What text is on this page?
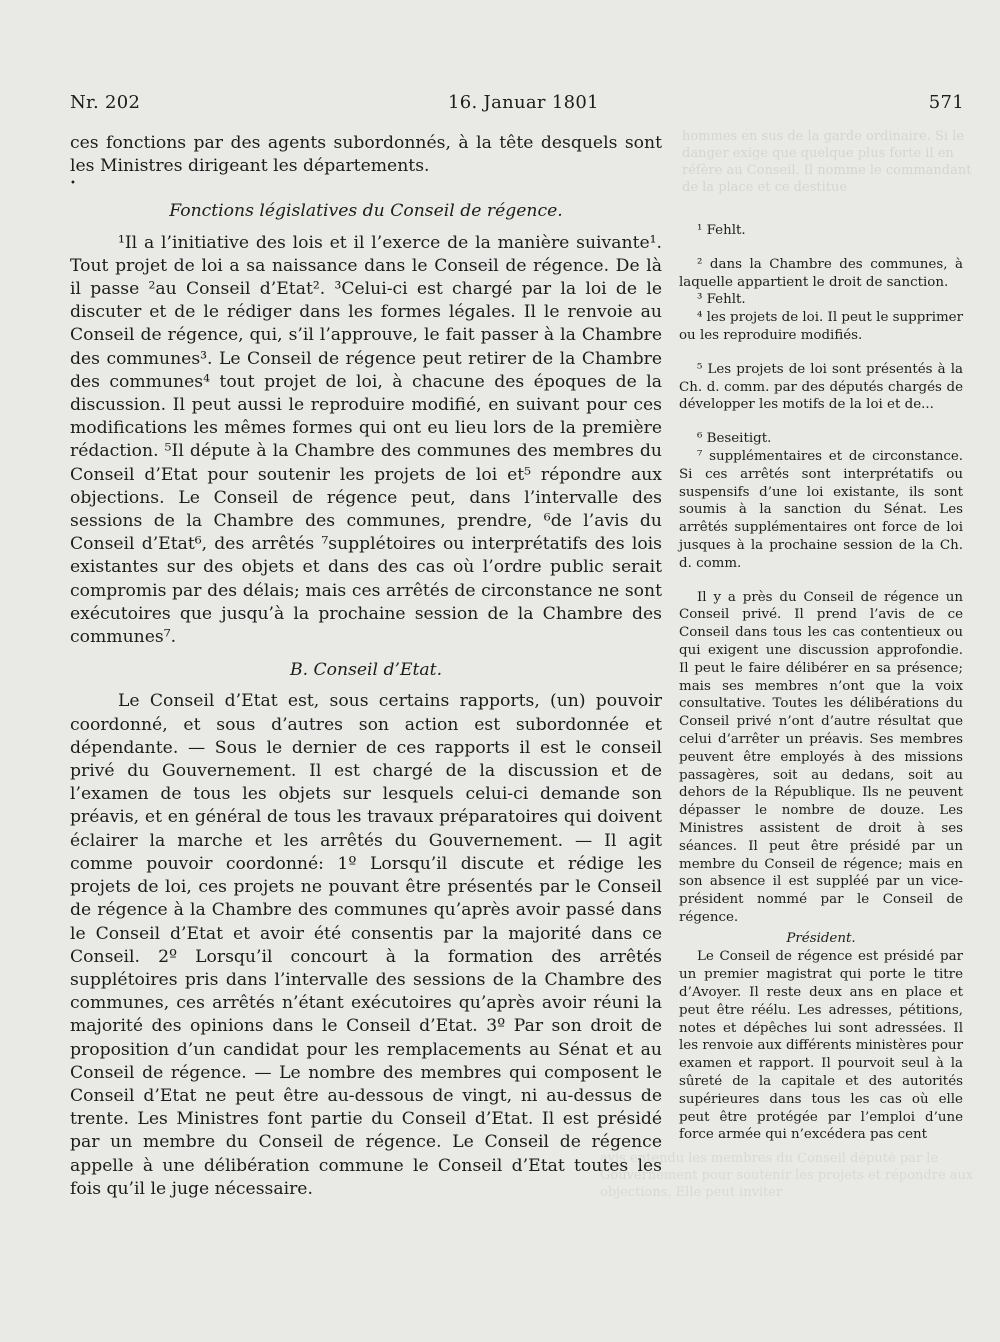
hommes en sus de la garde ordinaire. Si le danger exige que quelque plus forte il en réfère au Conseil. Il nomme le commandant de la place et ce destitue
avis entendu les membres du Conseil député par le Gouvernement pour soutenir les projets et répondre aux objections. Elle peut inviter
Nr. 202	16. Januar 1801	571

ces fonctions par des agents subordonnés, à la tête desquels sont les Ministres dirigeant les départements.

•

Fonctions législatives du Conseil de régence.

¹Il a l’initiative des lois et il l’exerce de la manière suivante¹. Tout projet de loi a sa naissance dans le Conseil de régence. De là il passe ²au Conseil d’Etat². ³Celui-ci est chargé par la loi de le discuter et de le rédiger dans les formes légales. Il le renvoie au Conseil de régence, qui, s’il l’approuve, le fait passer à la Chambre des communes³. Le Conseil de régence peut retirer de la Chambre des communes⁴ tout projet de loi, à chacune des époques de la discussion. Il peut aussi le reproduire modifié, en suivant pour ces modifications les mêmes formes qui ont eu lieu lors de la première rédaction. ⁵Il députe à la Chambre des communes des membres du Conseil d’Etat pour soutenir les projets de loi et⁵ répondre aux objections. Le Conseil de régence peut, dans l’intervalle des sessions de la Chambre des communes, prendre, ⁶de l’avis du Conseil d’Etat⁶, des arrêtés ⁷supplétoires ou interprétatifs des lois existantes sur des objets et dans des cas où l’ordre public serait compromis par des délais; mais ces arrêtés de circonstance ne sont exécutoires que jusqu’à la prochaine session de la Chambre des communes⁷.

B. Conseil d’Etat.

Le Conseil d’Etat est, sous certains rapports, (un) pouvoir coordonné, et sous d’autres son action est subordonnée et dépendante. — Sous le dernier de ces rapports il est le conseil privé du Gouvernement. Il est chargé de la discussion et de l’examen de tous les objets sur lesquels celui-ci demande son préavis, et en général de tous les travaux préparatoires qui doivent éclairer la marche et les arrêtés du Gouvernement. — Il agit comme pouvoir coordonné: 1º Lorsqu’il discute et rédige les projets de loi, ces projets ne pouvant être présentés par le Conseil de régence à la Chambre des communes qu’après avoir passé dans le Conseil d’Etat et avoir été consentis par la majorité dans ce Conseil. 2º Lorsqu’il concourt à la formation des arrêtés supplétoires pris dans l’intervalle des sessions de la Chambre des communes, ces arrêtés n’étant exécutoires qu’après avoir réuni la majorité des opinions dans le Conseil d’Etat. 3º Par son droit de proposition d’un candidat pour les remplacements au Sénat et au Conseil de régence. — Le nombre des membres qui composent le Conseil d’Etat ne peut être au-dessous de vingt, ni au-dessus de trente. Les Ministres font partie du Conseil d’Etat. Il est présidé par un membre du Conseil de régence. Le Conseil de régence appelle à une délibération commune le Conseil d’Etat toutes les fois qu’il le juge nécessaire.

¹ Fehlt.

² dans la Chambre des communes, à laquelle appartient le droit de sanction.

³ Fehlt.

⁴ les projets de loi. Il peut le supprimer ou les reproduire modifiés.

⁵ Les projets de loi sont présentés à la Ch. d. comm. par des députés chargés de développer les motifs de la loi et de...

⁶ Beseitigt.

⁷ supplémentaires et de circonstance. Si ces arrêtés sont interprétatifs ou suspensifs d’une loi existante, ils sont soumis à la sanction du Sénat. Les arrêtés supplémentaires ont force de loi jusques à la prochaine session de la Ch. d. comm.

Il y a près du Conseil de régence un Conseil privé. Il prend l’avis de ce Conseil dans tous les cas contentieux ou qui exigent une discussion approfondie. Il peut le faire délibérer en sa présence; mais ses membres n’ont que la voix consultative. Toutes les délibérations du Conseil privé n’ont d’autre résultat que celui d’arrêter un préavis. Ses membres peuvent être employés à des missions passagères, soit au dedans, soit au dehors de la République. Ils ne peuvent dépasser le nombre de douze. Les Ministres assistent de droit à ses séances. Il peut être présidé par un membre du Conseil de régence; mais en son absence il est suppléé par un vice-président nommé par le Conseil de régence.

Président.

Le Conseil de régence est présidé par un premier magistrat qui porte le titre d’Avoyer. Il reste deux ans en place et peut être réélu. Les adresses, pétitions, notes et dépêches lui sont adressées. Il les renvoie aux différents ministères pour examen et rapport. Il pourvoit seul à la sûreté de la capitale et des autorités supérieures dans tous les cas où elle peut être protégée par l’emploi d’une force armée qui n’excédera pas cent
